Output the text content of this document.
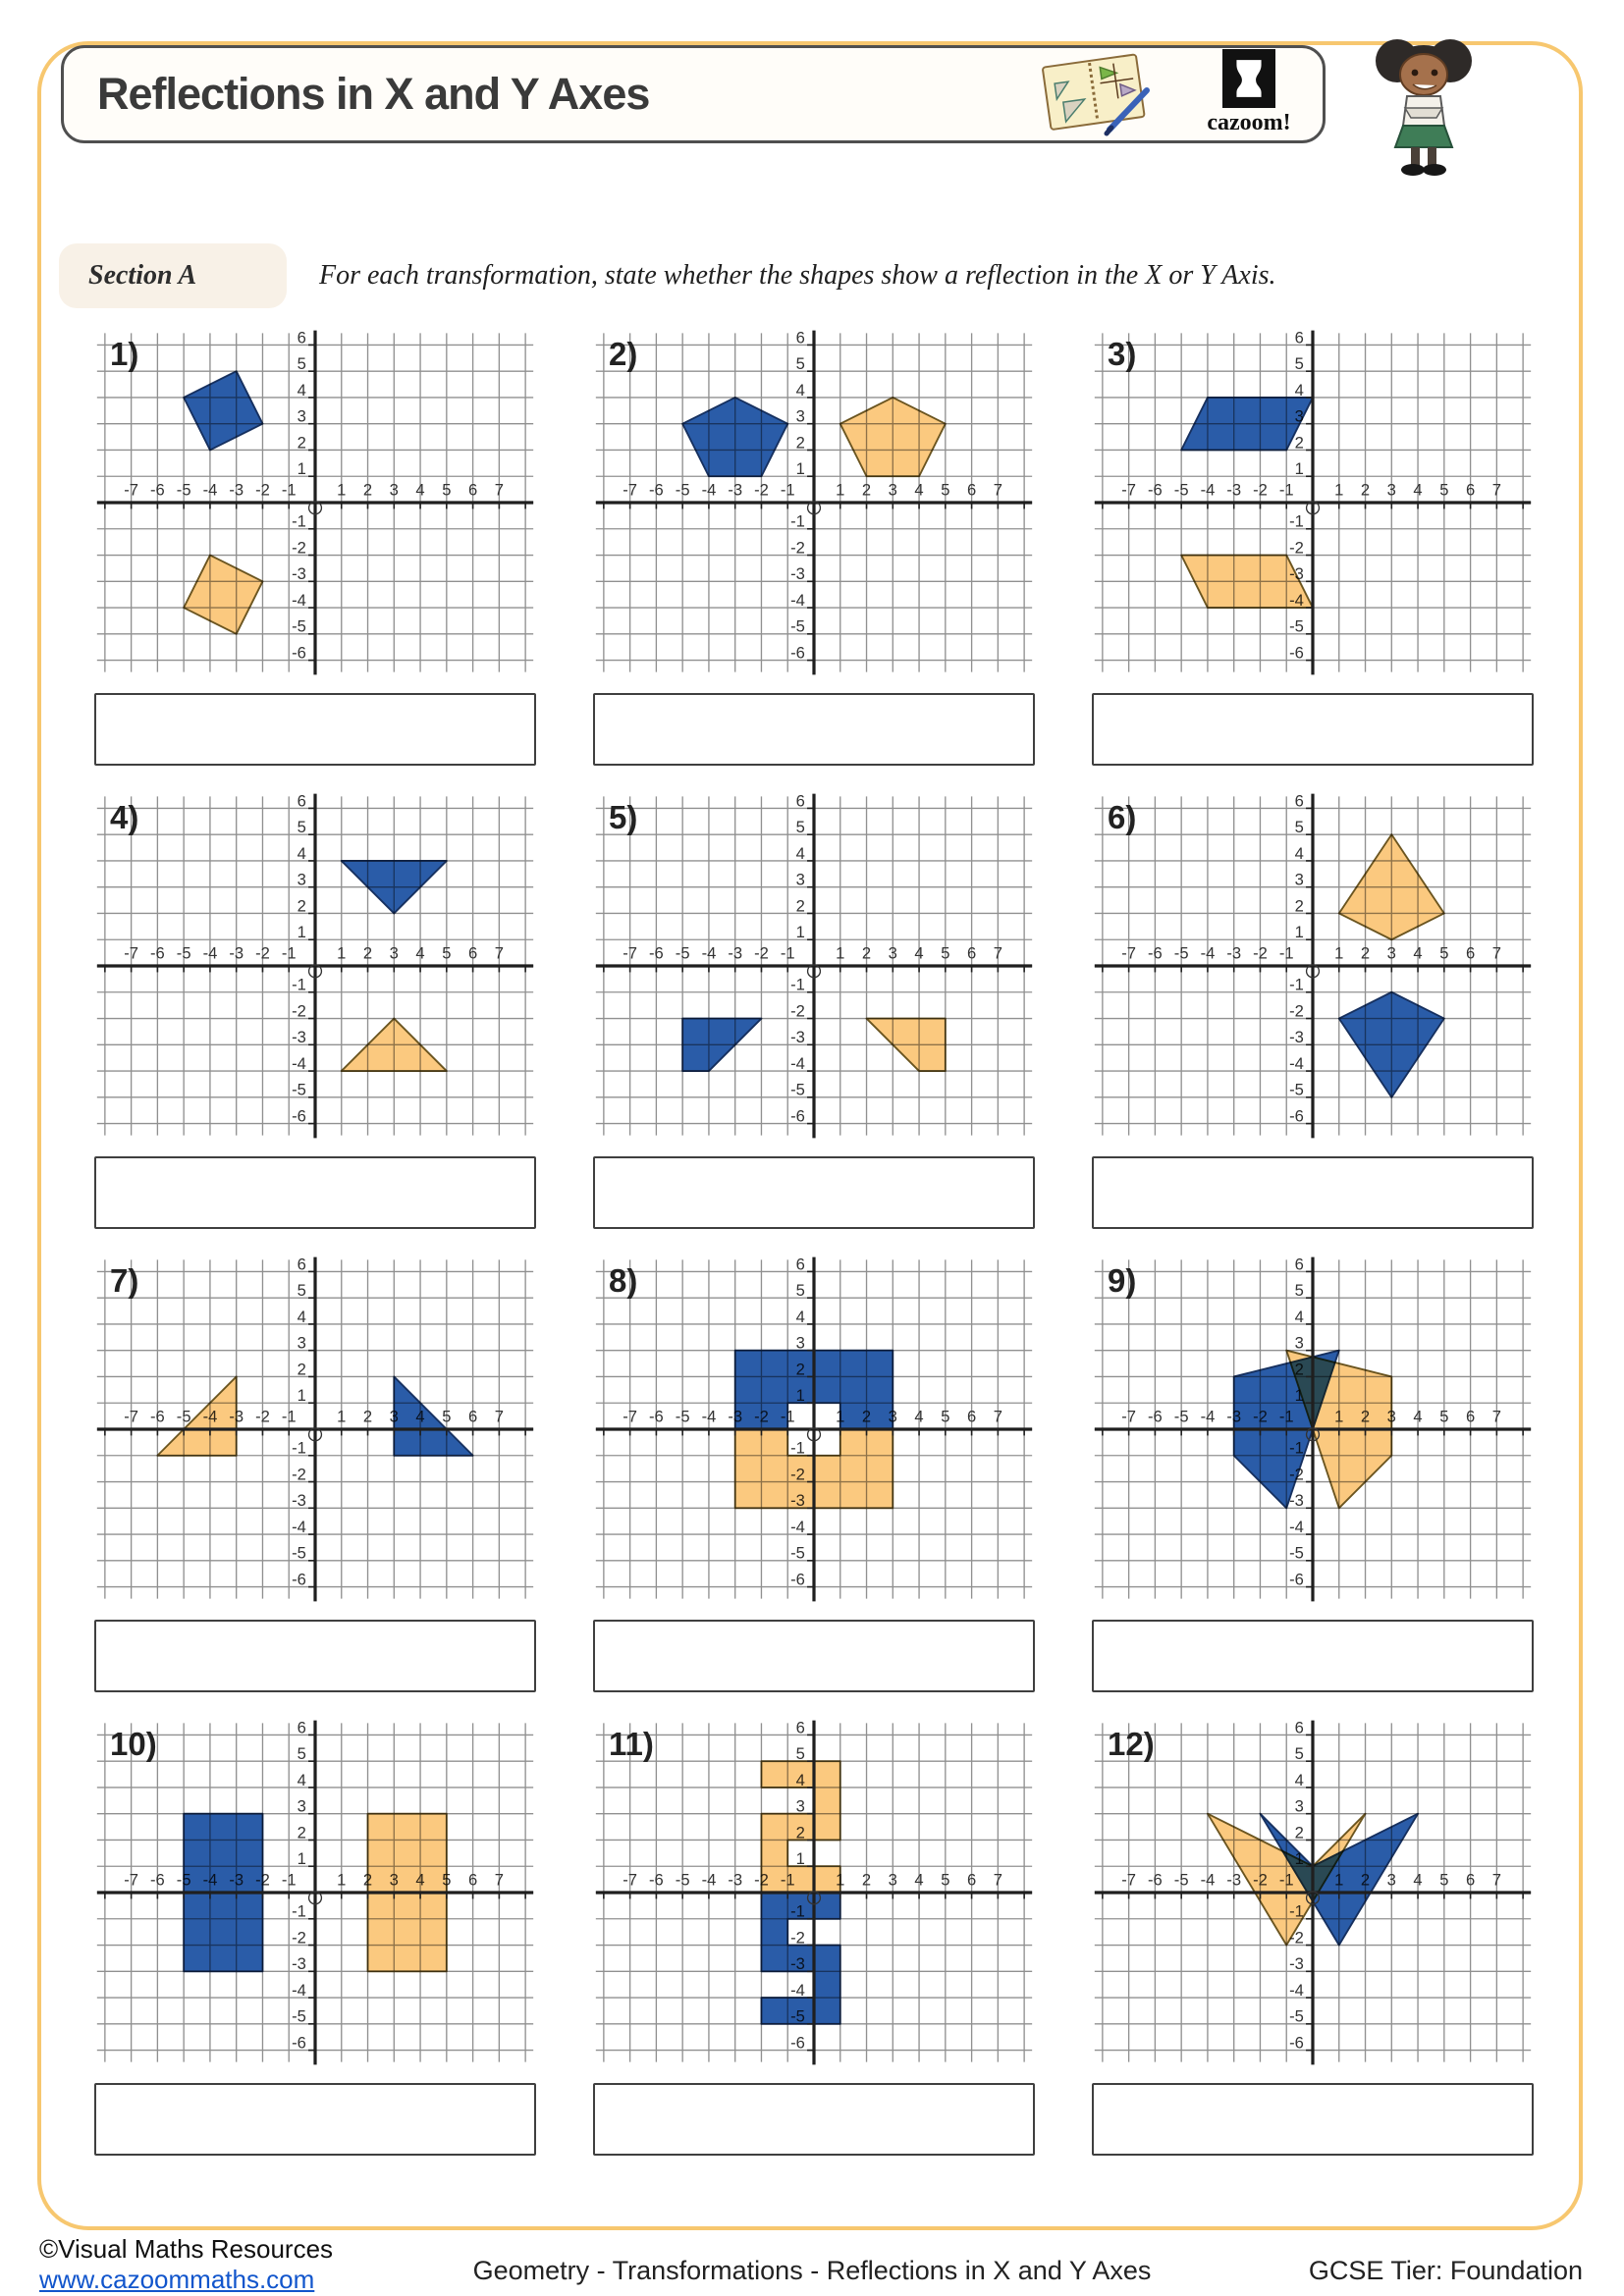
Reflections in X and Y Axes
cazoom!
Section A	For each transformation, state whether the shapes show a reflection in the X or Y Axis.
1)	2)	3)
4)	5)	6)
7)	8)	9)
10)	11)	12)
©Visual Maths Resources
www.cazoommaths.com	Geometry - Transformations - Reflections in X and Y Axes	GCSE Tier: Foundation
